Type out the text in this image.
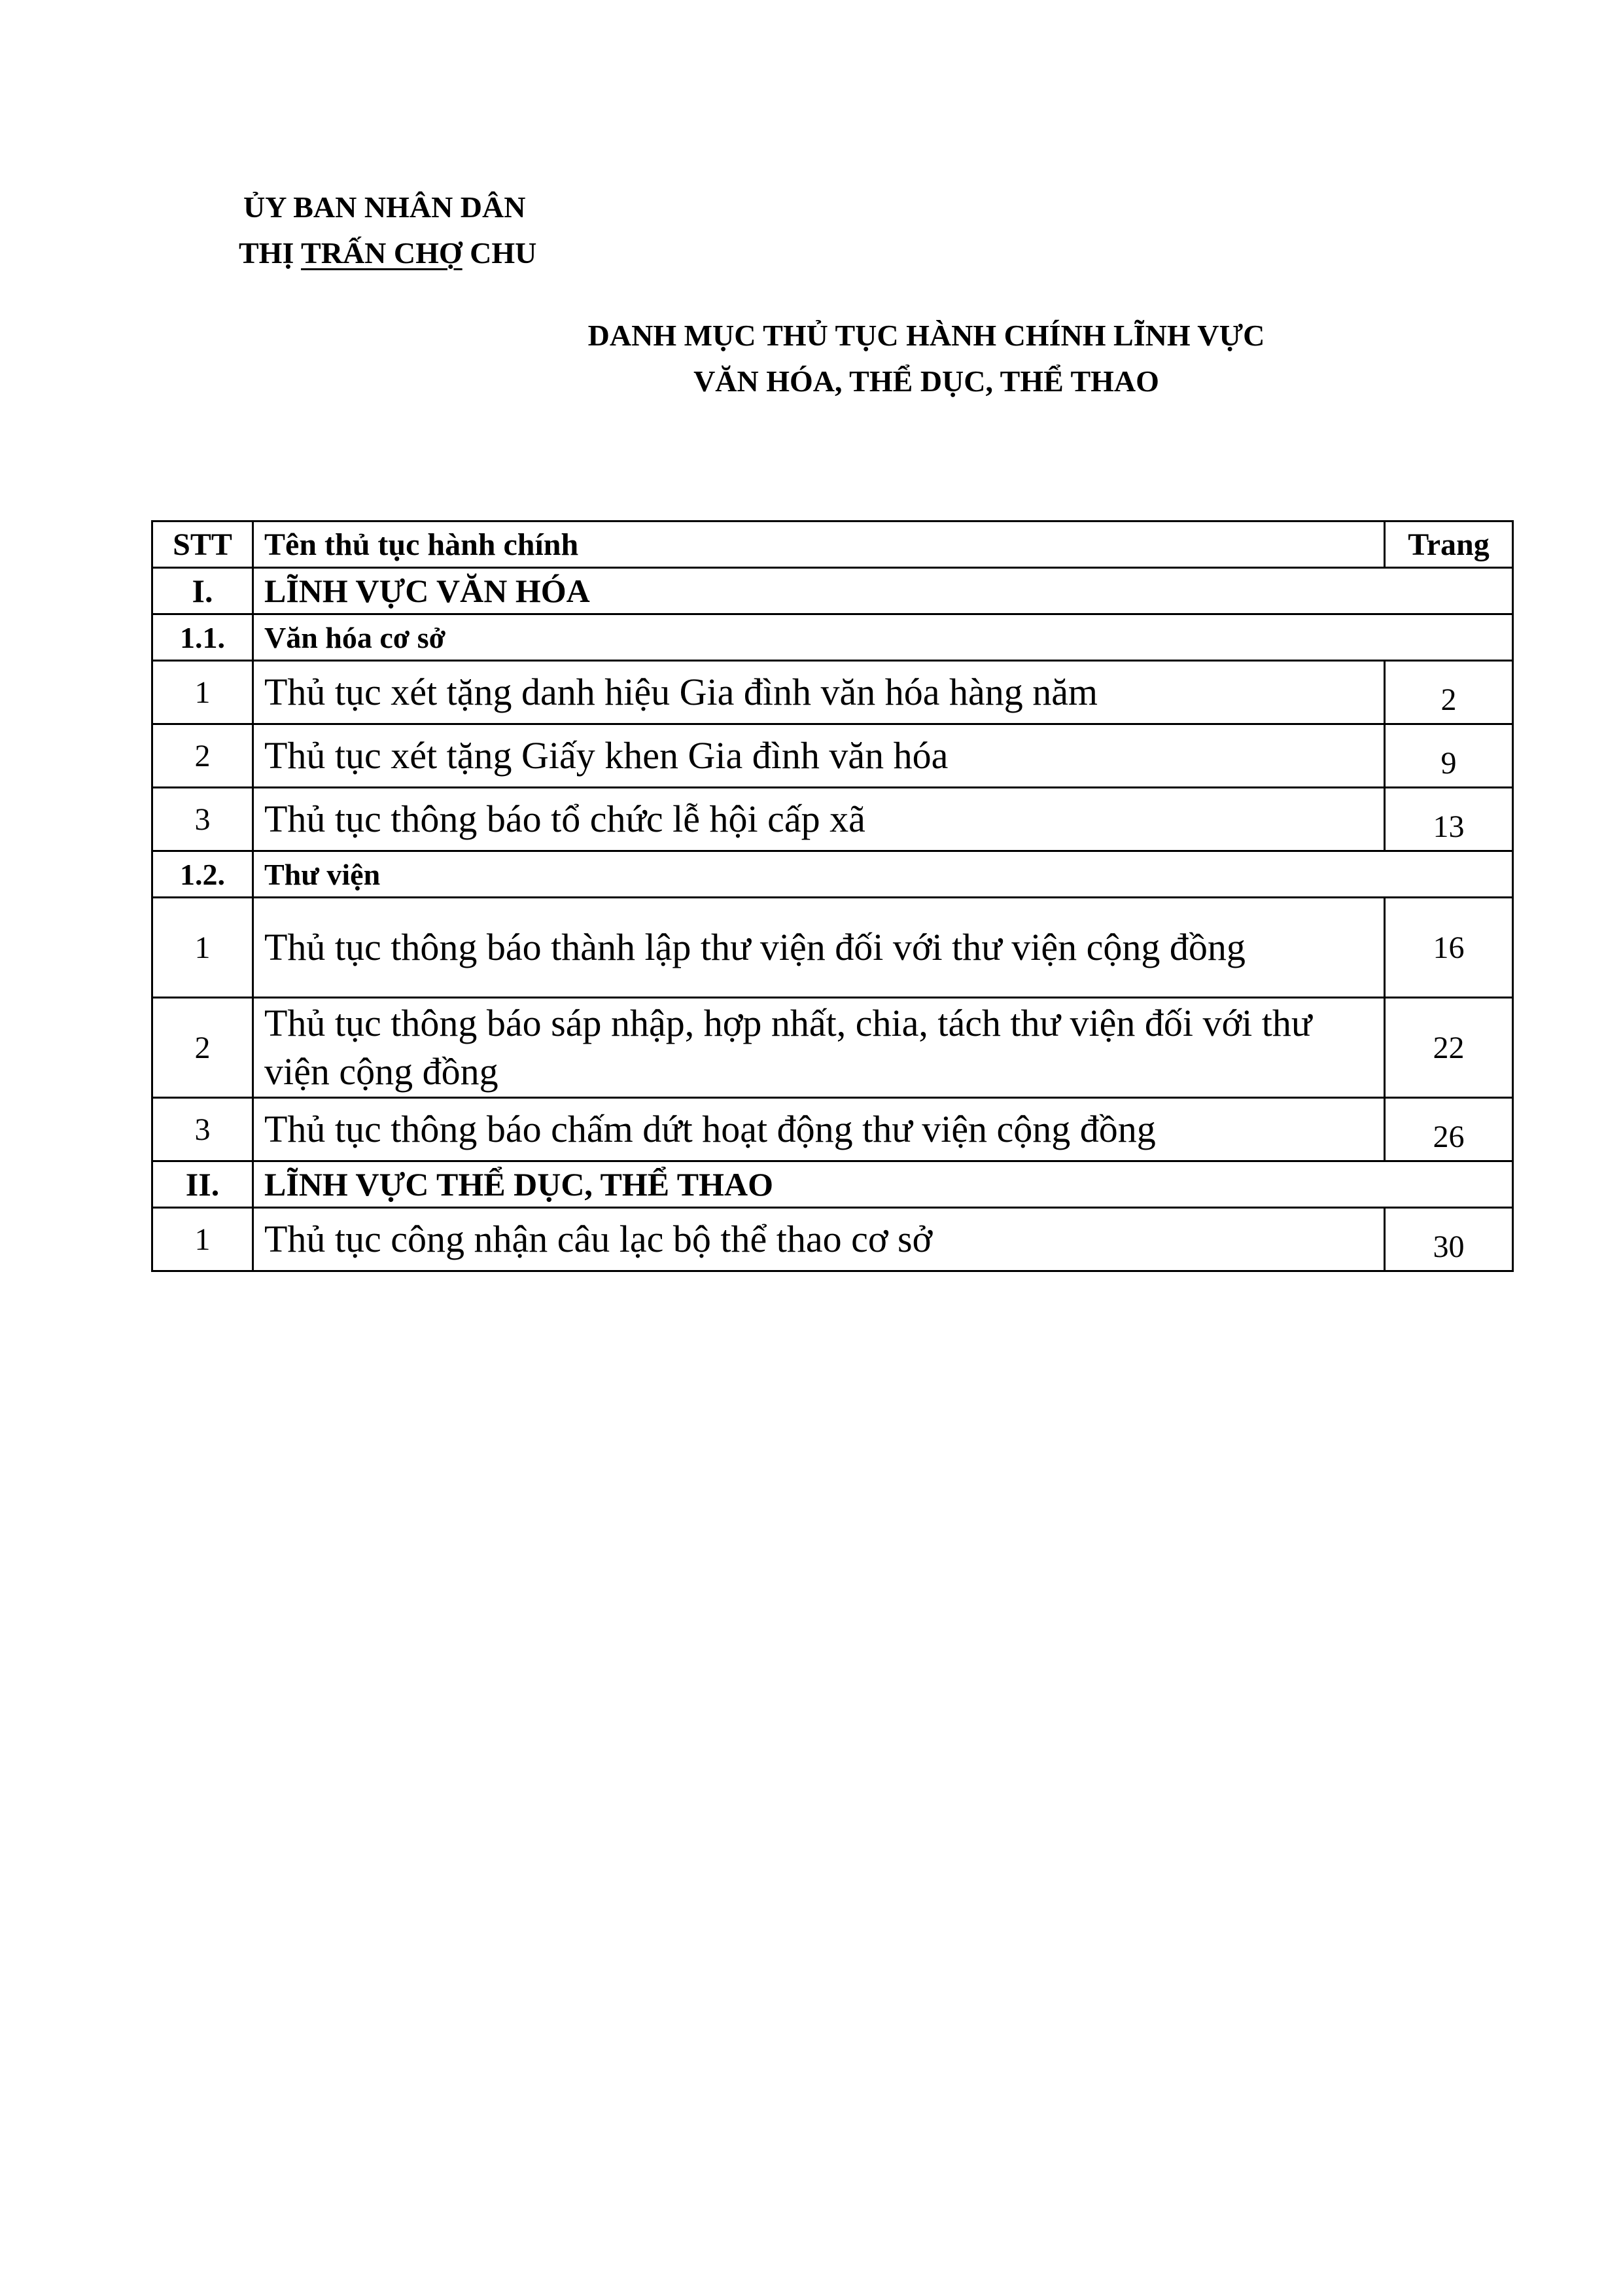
ỦY BAN NHÂN DÂN
THỊ TRẤN CHỢ CHU
DANH MỤC THỦ TỤC HÀNH CHÍNH LĨNH VỰC
VĂN HÓA, THỂ DỤC, THỂ THAO
STT	Tên thủ tục hành chính	Trang
I.	LĨNH VỰC VĂN HÓA	
1.1.	Văn hóa cơ sở	
1	Thủ tục xét tặng danh hiệu Gia đình văn hóa hàng năm	2
2	Thủ tục xét tặng Giấy khen Gia đình văn hóa	9
3	Thủ tục thông báo tổ chức lễ hội cấp xã	13
1.2.	Thư viện	
1	Thủ tục thông báo thành lập thư viện đối với thư viện cộng đồng	16
2	Thủ tục thông báo sáp nhập, hợp nhất, chia, tách thư viện đối với thư viện cộng đồng	22
3	Thủ tục thông báo chấm dứt hoạt động thư viện cộng đồng	26
II.	LĨNH VỰC THỂ DỤC, THỂ THAO	
1	Thủ tục công nhận câu lạc bộ thể thao cơ sở	30
